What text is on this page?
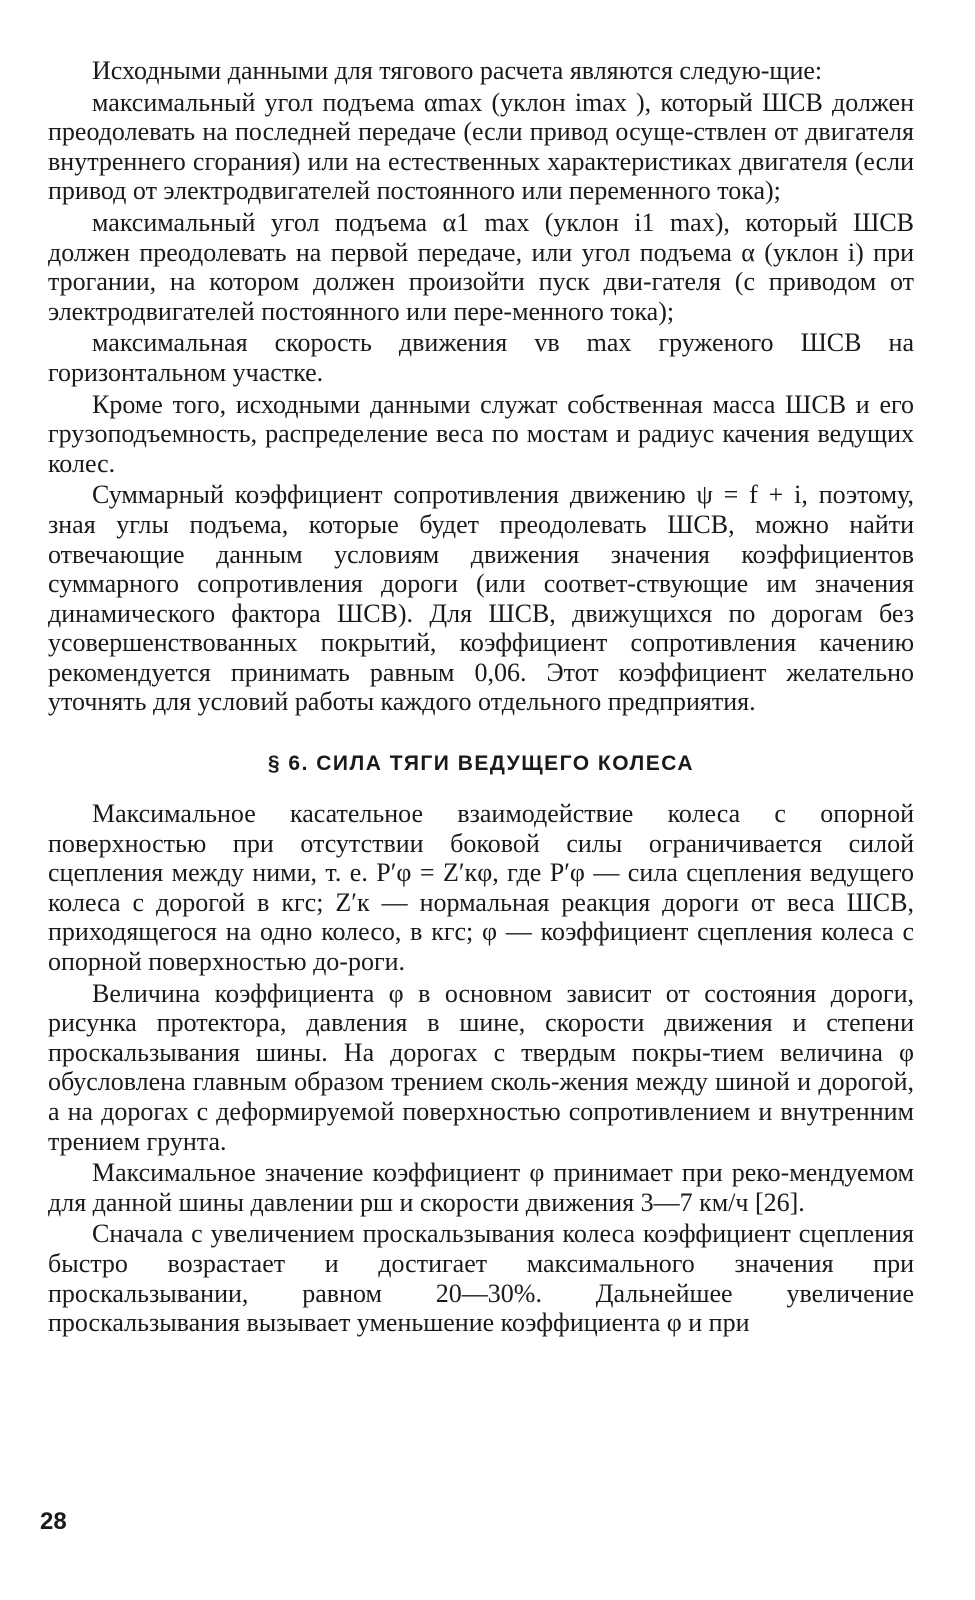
Исходными данными для тягового расчета являются следую-щие:

максимальный угол подъема αmax (уклон imax ), который ШСВ должен преодолевать на последней передаче (если привод осуще-ствлен от двигателя внутреннего сгорания) или на естественных характеристиках двигателя (если привод от электродвигателей постоянного или переменного тока);

максимальный угол подъема α1 max (уклон i1 max), который ШСВ должен преодолевать на первой передаче, или угол подъема α (уклон i) при трогании, на котором должен произойти пуск дви-гателя (с приводом от электродвигателей постоянного или пере-менного тока);

максимальная скорость движения vв max груженого ШСВ на горизонтальном участке.

Кроме того, исходными данными служат собственная масса ШСВ и его грузоподъемность, распределение веса по мостам и радиус качения ведущих колес.

Суммарный коэффициент сопротивления движению ψ = f + i, поэтому, зная углы подъема, которые будет преодолевать ШСВ, можно найти отвечающие данным условиям движения значения коэффициентов суммарного сопротивления дороги (или соответ-ствующие им значения динамического фактора ШСВ). Для ШСВ, движущихся по дорогам без усовершенствованных покрытий, коэффициент сопротивления качению рекомендуется принимать равным 0,06. Этот коэффициент желательно уточнять для условий работы каждого отдельного предприятия.

§ 6. СИЛА ТЯГИ ВЕДУЩЕГО КОЛЕСА

Максимальное касательное взаимодействие колеса с опорной поверхностью при отсутствии боковой силы ограничивается силой сцепления между ними, т. е. P′φ = Z′кφ, где P′φ — сила сцепления ведущего колеса с дорогой в кгс; Z′к — нормальная реакция дороги от веса ШСВ, приходящегося на одно колесо, в кгс; φ — коэффициент сцепления колеса с опорной поверхностью до-роги.

Величина коэффициента φ в основном зависит от состояния дороги, рисунка протектора, давления в шине, скорости движения и степени проскальзывания шины. На дорогах с твердым покры-тием величина φ обусловлена главным образом трением сколь-жения между шиной и дорогой, а на дорогах с деформируемой поверхностью сопротивлением и внутренним трением грунта.

Максимальное значение коэффициент φ принимает при реко-мендуемом для данной шины давлении pш и скорости движения 3—7 км/ч [26].

Сначала с увеличением проскальзывания колеса коэффициент сцепления быстро возрастает и достигает максимального значения при проскальзывании, равном 20—30%. Дальнейшее увеличение проскальзывания вызывает уменьшение коэффициента φ и при

28
